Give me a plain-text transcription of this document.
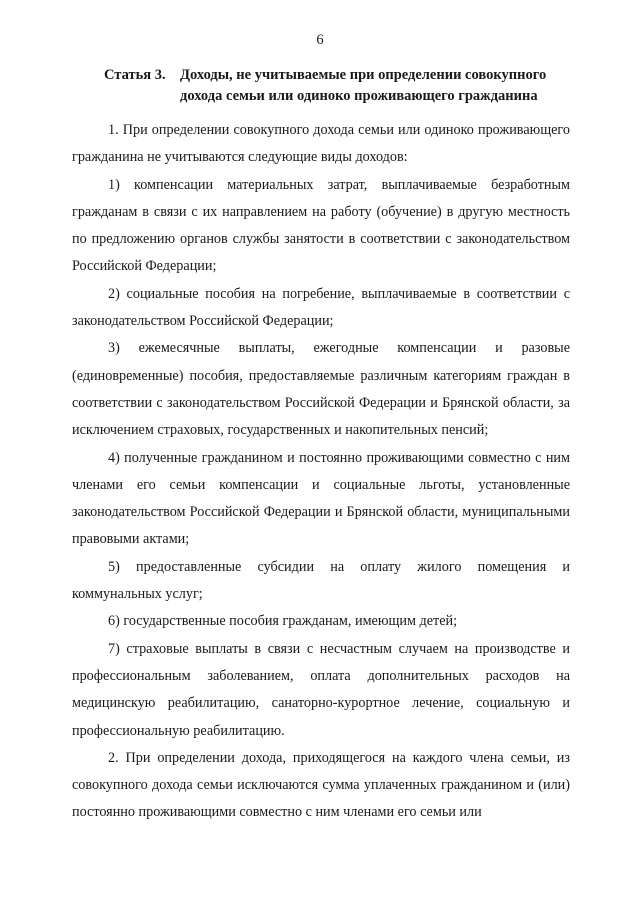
6
Статья 3. Доходы, не учитываемые при определении совокупного дохода семьи или одиноко проживающего гражданина

1. При определении совокупного дохода семьи или одиноко проживающего гражданина не учитываются следующие виды доходов:

1) компенсации материальных затрат, выплачиваемые безработным гражданам в связи с их направлением на работу (обучение) в другую местность по предложению органов службы занятости в соответствии с законодательством Российской Федерации;

2) социальные пособия на погребение, выплачиваемые в соответствии с законодательством Российской Федерации;

3) ежемесячные выплаты, ежегодные компенсации и разовые (единовременные) пособия, предоставляемые различным категориям граждан в соответствии с законодательством Российской Федерации и Брянской области, за исключением страховых, государственных и накопительных пенсий;

4) полученные гражданином и постоянно проживающими совместно с ним членами его семьи компенсации и социальные льготы, установленные законодательством Российской Федерации и Брянской области, муниципальными правовыми актами;

5) предоставленные субсидии на оплату жилого помещения и коммунальных услуг;

6) государственные пособия гражданам, имеющим детей;

7) страховые выплаты в связи с несчастным случаем на производстве и профессиональным заболеванием, оплата дополнительных расходов на медицинскую реабилитацию, санаторно-курортное лечение, социальную и профессиональную реабилитацию.

2. При определении дохода, приходящегося на каждого члена семьи, из совокупного дохода семьи исключаются сумма уплаченных гражданином и (или) постоянно проживающими совместно с ним членами его семьи или
